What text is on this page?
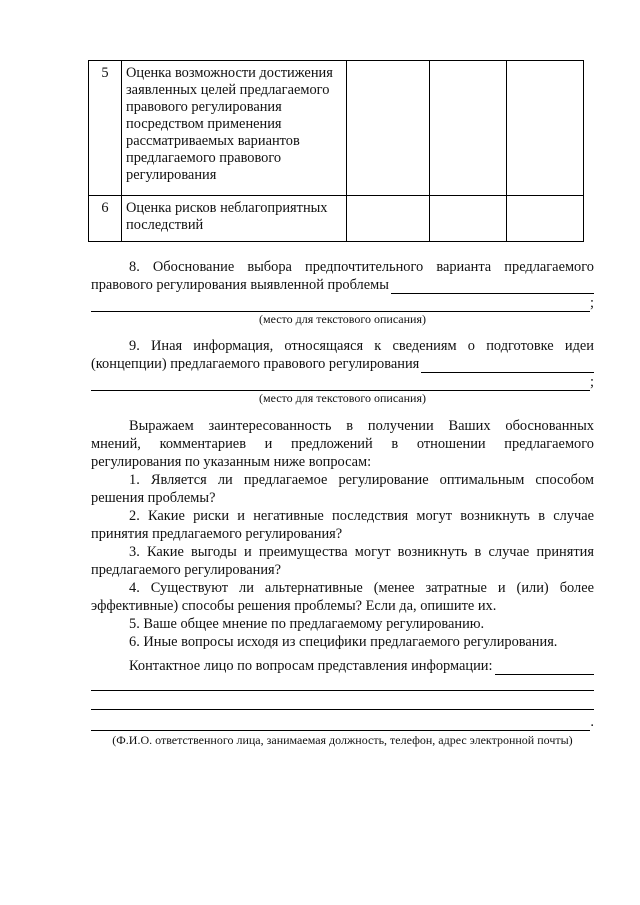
5	Оценка возможности достижения заявленных целей предлагаемого правового регулирования посредством применения рассматриваемых вариантов предлагаемого правового регулирования			
6	Оценка рисков неблагоприятных последствий			
8. Обоснование выбора предпочтительного варианта предлагаемого
правового регулирования выявленной проблемы
;
(место для текстового описания)
9. Иная информация, относящаяся к сведениям о подготовке идеи
(концепции) предлагаемого правового регулирования
;
(место для текстового описания)
Выражаем заинтересованность в получении Ваших обоснованных
мнений, комментариев и предложений в отношении предлагаемого
регулирования по указанным ниже вопросам:
1. Является ли предлагаемое регулирование оптимальным способом
решения проблемы?
2. Какие риски и негативные последствия могут возникнуть в случае
принятия предлагаемого регулирования?
3. Какие выгоды и преимущества могут возникнуть в случае принятия
предлагаемого регулирования?
4. Существуют ли альтернативные (менее затратные и (или) более
эффективные) способы решения проблемы? Если да, опишите их.
5. Ваше общее мнение по предлагаемому регулированию.
6. Иные вопросы исходя из специфики предлагаемого регулирования.
Контактное лицо по вопросам представления информации:
.
(Ф.И.О. ответственного лица, занимаемая должность, телефон, адрес электронной почты)
